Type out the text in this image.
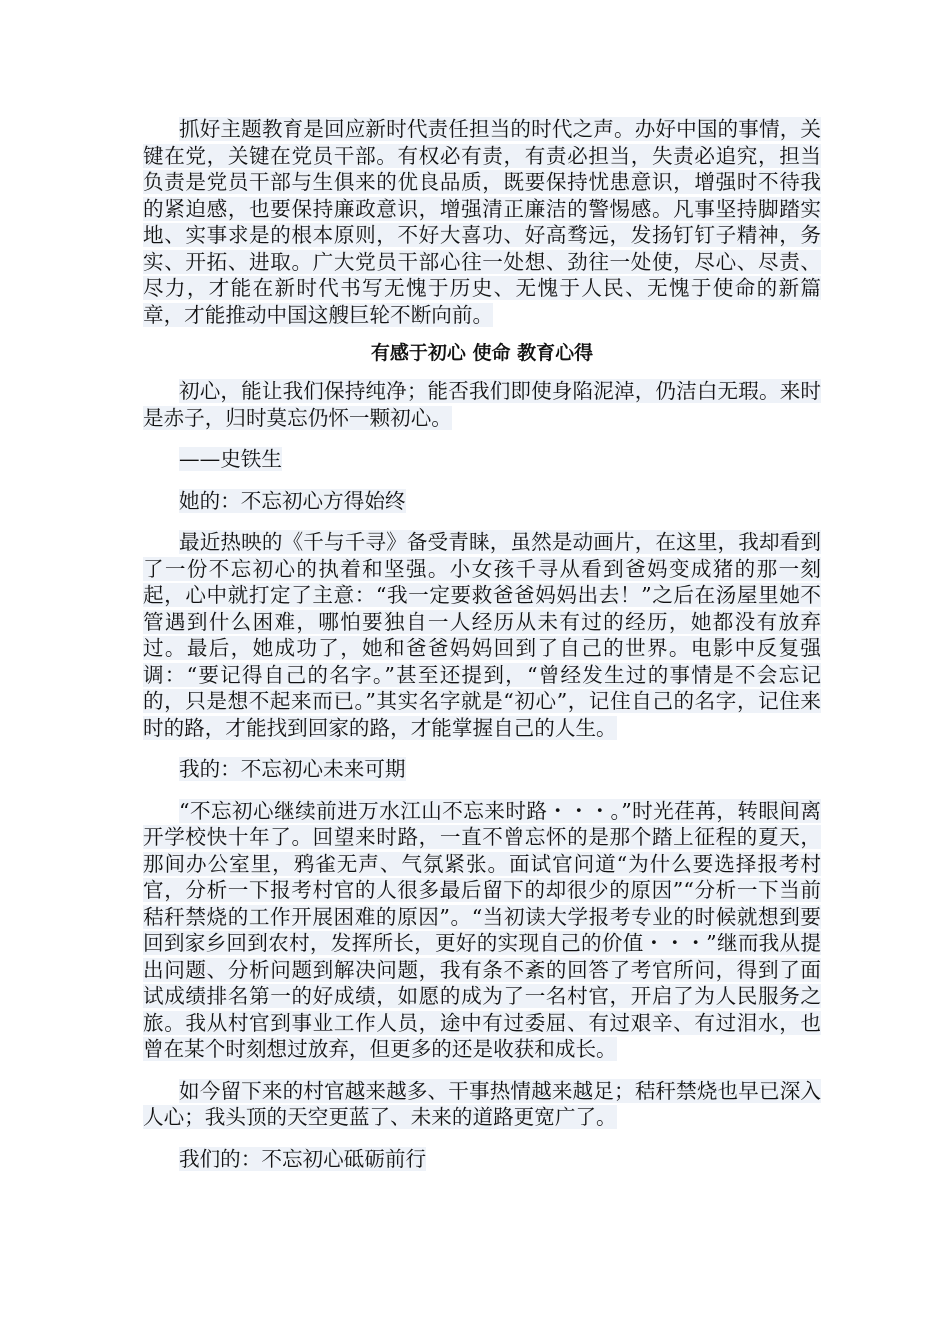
抓好主题教育是回应新时代责任担当的时代之声。办好中国的事情，关键在党，关键在党员干部。有权必有责，有责必担当，失责必追究，担当负责是党员干部与生俱来的优良品质，既要保持忧患意识，增强时不待我的紧迫感，也要保持廉政意识，增强清正廉洁的警惕感。凡事坚持脚踏实地、实事求是的根本原则，不好大喜功、好高骛远，发扬钉钉子精神，务实、开拓、进取。广大党员干部心往一处想、劲往一处使，尽心、尽责、尽力，才能在新时代书写无愧于历史、无愧于人民、无愧于使命的新篇章，才能推动中国这艘巨轮不断向前。

有感于初心 使命 教育心得

初心，能让我们保持纯净；能否我们即使身陷泥淖，仍洁白无瑕。来时是赤子，归时莫忘仍怀一颗初心。

——史铁生

她的：不忘初心方得始终

最近热映的《千与千寻》备受青睐，虽然是动画片，在这里，我却看到了一份不忘初心的执着和坚强。小女孩千寻从看到爸妈变成猪的那一刻起，心中就打定了主意：“我一定要救爸爸妈妈出去！”之后在汤屋里她不管遇到什么困难，哪怕要独自一人经历从未有过的经历，她都没有放弃过。最后，她成功了，她和爸爸妈妈回到了自己的世界。电影中反复强调：“要记得自己的名字。”甚至还提到，“曾经发生过的事情是不会忘记的，只是想不起来而已。”其实名字就是“初心”，记住自己的名字，记住来时的路，才能找到回家的路，才能掌握自己的人生。

我的：不忘初心未来可期

“不忘初心继续前进万水江山不忘来时路・・・。”时光荏苒，转眼间离开学校快十年了。回望来时路，一直不曾忘怀的是那个踏上征程的夏天，那间办公室里，鸦雀无声、气氛紧张。面试官问道“为什么要选择报考村官，分析一下报考村官的人很多最后留下的却很少的原因”“分析一下当前秸秆禁烧的工作开展困难的原因”。“当初读大学报考专业的时候就想到要回到家乡回到农村，发挥所长，更好的实现自己的价值・・・”继而我从提出问题、分析问题到解决问题，我有条不紊的回答了考官所问，得到了面试成绩排名第一的好成绩，如愿的成为了一名村官，开启了为人民服务之旅。我从村官到事业工作人员，途中有过委屈、有过艰辛、有过泪水，也曾在某个时刻想过放弃，但更多的还是收获和成长。

如今留下来的村官越来越多、干事热情越来越足；秸秆禁烧也早已深入人心；我头顶的天空更蓝了、未来的道路更宽广了。

我们的：不忘初心砥砺前行
